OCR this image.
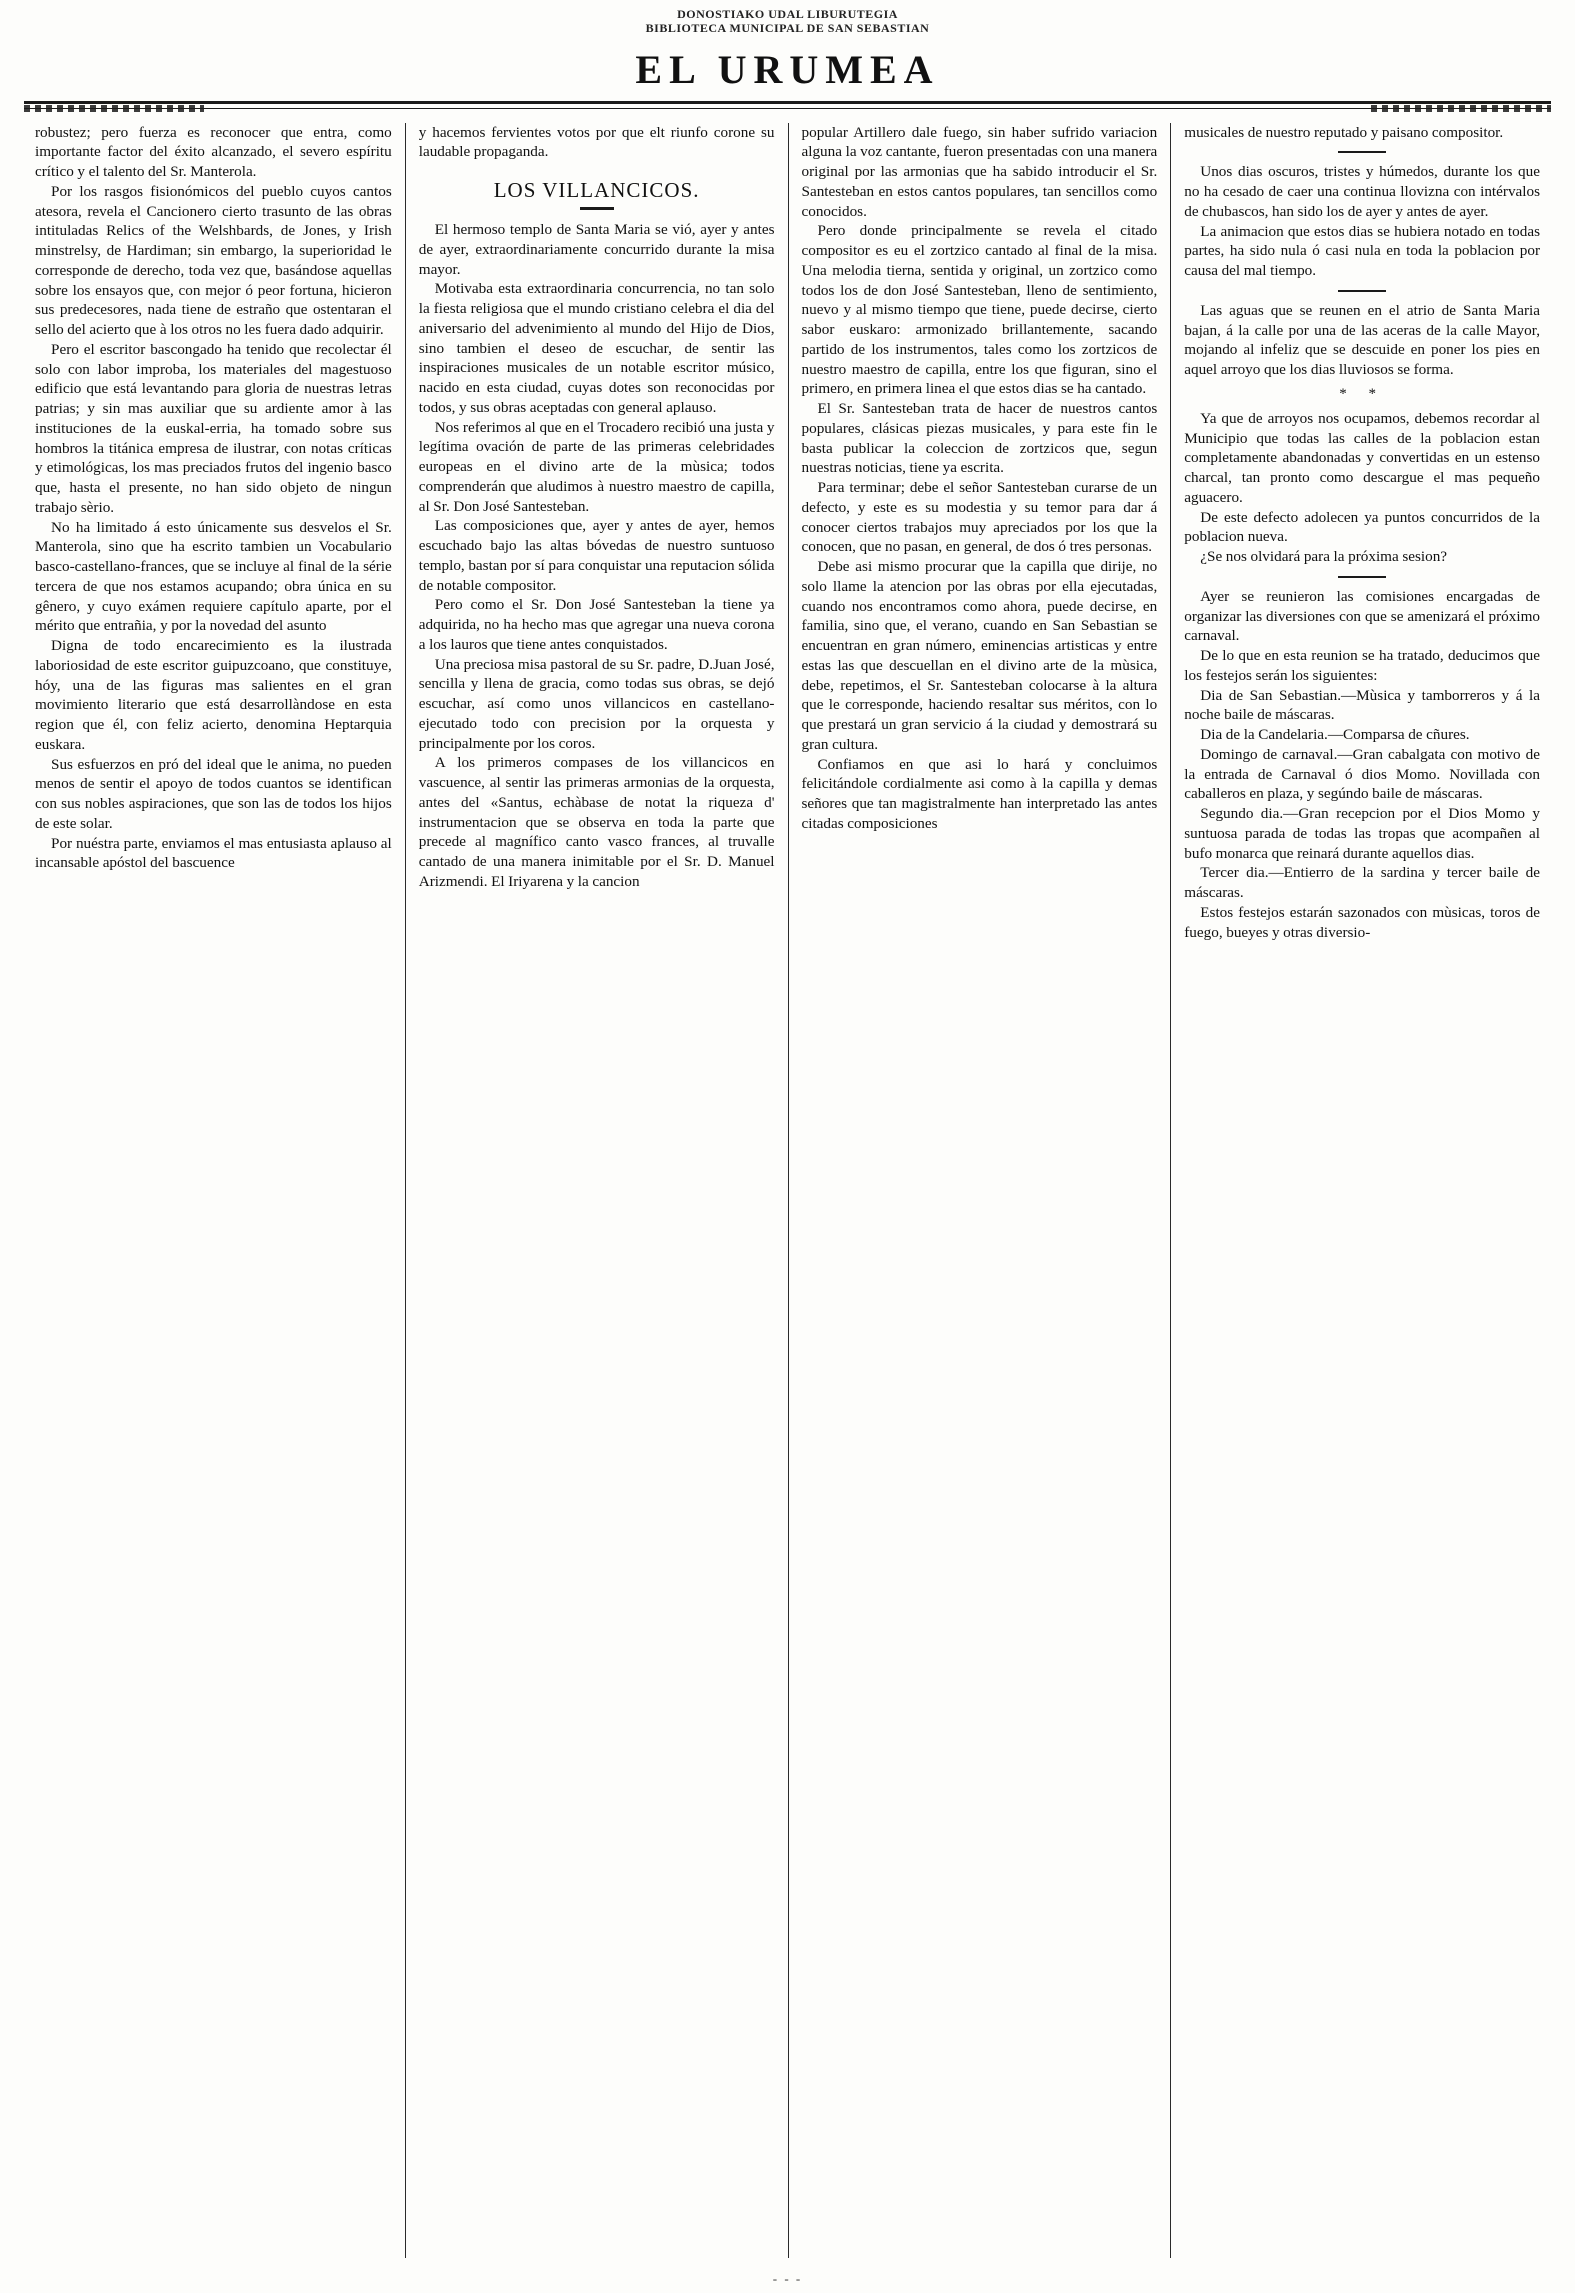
DONOSTIAKO UDAL LIBURUTEGIA
BIBLIOTECA MUNICIPAL DE SAN SEBASTIAN
EL URUMEA

robustez; pero fuerza es reconocer que entra, como importante factor del éxito alcanzado, el severo espíritu crítico y el talento del Sr. Manterola.

Por los rasgos fisionómicos del pueblo cuyos cantos atesora, revela el Cancionero cierto trasunto de las obras intituladas Relics of the Welshbards, de Jones, y Irish minstrelsy, de Hardiman; sin embargo, la superioridad le corresponde de derecho, toda vez que, basándose aquellas sobre los ensayos que, con mejor ó peor fortuna, hicieron sus predecesores, nada tiene de estraño que ostentaran el sello del acierto que à los otros no les fuera dado adquirir.

Pero el escritor bascongado ha tenido que recolectar él solo con labor improba, los materiales del magestuoso edificio que está levantando para gloria de nuestras letras patrias; y sin mas auxiliar que su ardiente amor à las instituciones de la euskal-erria, ha tomado sobre sus hombros la titánica empresa de ilustrar, con notas críticas y etimológicas, los mas preciados frutos del ingenio basco que, hasta el presente, no han sido objeto de ningun trabajo sèrio.

No ha limitado á esto únicamente sus desvelos el Sr. Manterola, sino que ha escrito tambien un Vocabulario basco-castellano-frances, que se incluye al final de la série tercera de que nos estamos acupando; obra única en su gênero, y cuyo exámen requiere capítulo aparte, por el mérito que entrañia, y por la novedad del asunto

Digna de todo encarecimiento es la ilustrada laboriosidad de este escritor guipuzcoano, que constituye, hóy, una de las figuras mas salientes en el gran movimiento literario que está desarrollàndose en esta region que él, con feliz acierto, denomina Heptarquia euskara.

Sus esfuerzos en pró del ideal que le anima, no pueden menos de sentir el apoyo de todos cuantos se identifican con sus nobles aspiraciones, que son las de todos los hijos de este solar.

Por nuéstra parte, enviamos el mas entusiasta aplauso al incansable apóstol del bascuence

y hacemos fervientes votos por que elt riunfo corone su laudable propaganda.

LOS VILLANCICOS.

El hermoso templo de Santa Maria se vió, ayer y antes de ayer, extraordinariamente concurrido durante la misa mayor.

Motivaba esta extraordinaria concurrencia, no tan solo la fiesta religiosa que el mundo cristiano celebra el dia del aniversario del advenimiento al mundo del Hijo de Dios, sino tambien el deseo de escuchar, de sentir las inspiraciones musicales de un notable escritor músico, nacido en esta ciudad, cuyas dotes son reconocidas por todos, y sus obras aceptadas con general aplauso.

Nos referimos al que en el Trocadero recibió una justa y legítima ovación de parte de las primeras celebridades europeas en el divino arte de la mùsica; todos comprenderán que aludimos à nuestro maestro de capilla, al Sr. Don José Santesteban.

Las composiciones que, ayer y antes de ayer, hemos escuchado bajo las altas bóvedas de nuestro suntuoso templo, bastan por sí para conquistar una reputacion sólida de notable compositor.

Pero como el Sr. Don José Santesteban la tiene ya adquirida, no ha hecho mas que agregar una nueva corona a los lauros que tiene antes conquistados.

Una preciosa misa pastoral de su Sr. padre, D.Juan José, sencilla y llena de gracia, como todas sus obras, se dejó escuchar, así como unos villancicos en castellano- ejecutado todo con precision por la orquesta y principalmente por los coros.

A los primeros compases de los villancicos en vascuence, al sentir las primeras armonias de la orquesta, antes del «Santus, echàbase de notat la riqueza d' instrumentacion que se observa en toda la parte que precede al magnífico canto vasco frances, al truvalle cantado de una manera inimitable por el Sr. D. Manuel Arizmendi. El Iriyarena y la cancion

popular Artillero dale fuego, sin haber sufrido variacion alguna la voz cantante, fueron presentadas con una manera original por las armonias que ha sabido introducir el Sr. Santesteban en estos cantos populares, tan sencillos como conocidos.

Pero donde principalmente se revela el citado compositor es eu el zortzico cantado al final de la misa. Una melodia tierna, sentida y original, un zortzico como todos los de don José Santesteban, lleno de sentimiento, nuevo y al mismo tiempo que tiene, puede decirse, cierto sabor euskaro: armonizado brillantemente, sacando partido de los instrumentos, tales como los zortzicos de nuestro maestro de capilla, entre los que figuran, sino el primero, en primera linea el que estos dias se ha cantado.

El Sr. Santesteban trata de hacer de nuestros cantos populares, clásicas piezas musicales, y para este fin le basta publicar la coleccion de zortzicos que, segun nuestras noticias, tiene ya escrita.

Para terminar; debe el señor Santesteban curarse de un defecto, y este es su modestia y su temor para dar á conocer ciertos trabajos muy apreciados por los que la conocen, que no pasan, en general, de dos ó tres personas.

Debe asi mismo procurar que la capilla que dirije, no solo llame la atencion por las obras por ella ejecutadas, cuando nos encontramos como ahora, puede decirse, en familia, sino que, el verano, cuando en San Sebastian se encuentran en gran número, eminencias artisticas y entre estas las que descuellan en el divino arte de la mùsica, debe, repetimos, el Sr. Santesteban colocarse à la altura que le corresponde, haciendo resaltar sus méritos, con lo que prestará un gran servicio á la ciudad y demostrará su gran cultura.

Confiamos en que asi lo hará y concluimos felicitándole cordialmente asi como à la capilla y demas señores que tan magistralmente han interpretado las antes citadas composiciones

musicales de nuestro reputado y paisano compositor.

Unos dias oscuros, tristes y húmedos, durante los que no ha cesado de caer una continua llovizna con intérvalos de chubascos, han sido los de ayer y antes de ayer.

La animacion que estos dias se hubiera notado en todas partes, ha sido nula ó casi nula en toda la poblacion por causa del mal tiempo.

Las aguas que se reunen en el atrio de Santa Maria bajan, á la calle por una de las aceras de la calle Mayor, mojando al infeliz que se descuide en poner los pies en aquel arroyo que los dias lluviosos se forma.

* *

Ya que de arroyos nos ocupamos, debemos recordar al Municipio que todas las calles de la poblacion estan completamente abandonadas y convertidas en un estenso charcal, tan pronto como descargue el mas pequeño aguacero.

De este defecto adolecen ya puntos concurridos de la poblacion nueva.

¿Se nos olvidará para la próxima sesion?

Ayer se reunieron las comisiones encargadas de organizar las diversiones con que se amenizará el próximo carnaval.

De lo que en esta reunion se ha tratado, deducimos que los festejos serán los siguientes:

Dia de San Sebastian.—Mùsica y tamborreros y á la noche baile de máscaras.

Dia de la Candelaria.—Comparsa de cñures.

Domingo de carnaval.—Gran cabalgata con motivo de la entrada de Carnaval ó dios Momo. Novillada con caballeros en plaza, y segúndo baile de máscaras.

Segundo dia.—Gran recepcion por el Dios Momo y suntuosa parada de todas las tropas que acompañen al bufo monarca que reinará durante aquellos dias.

Tercer dia.—Entierro de la sardina y tercer baile de máscaras.

Estos festejos estarán sazonados con mùsicas, toros de fuego, bueyes y otras diversio-

- - -
